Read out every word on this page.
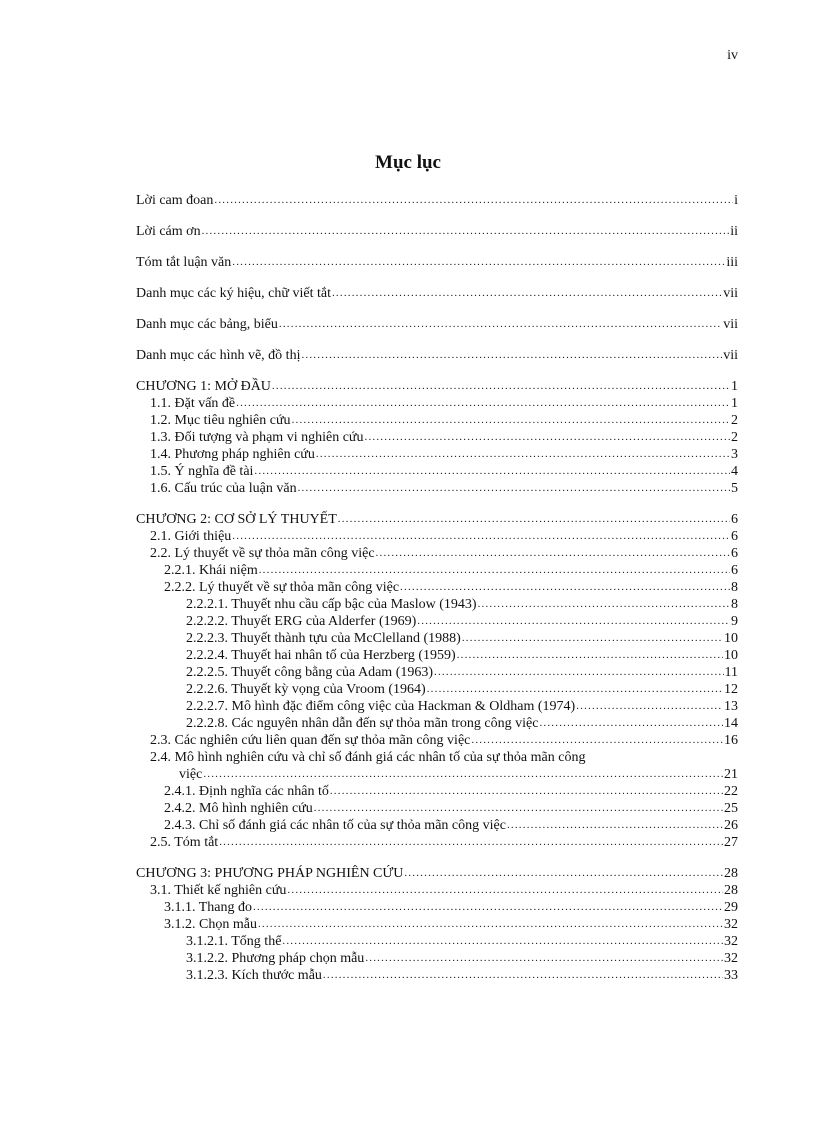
iv
Mục lục
Lời cam đoan .....	i
Lời cám ơn .....	ii
Tóm tắt luận văn .....	iii
Danh mục các ký hiệu, chữ viết tắt .....	vii
Danh mục các bảng, biểu .....	vii
Danh mục các hình vẽ, đồ thị .....	vii
CHƯƠNG 1: MỞ ĐẦU .....	1
1.1. Đặt vấn đề .....	1
1.2. Mục tiêu nghiên cứu .....	2
1.3. Đối tượng và phạm vi nghiên cứu .....	2
1.4. Phương pháp nghiên cứu .....	3
1.5. Ý nghĩa đề tài .....	4
1.6. Cấu trúc của luận văn .....	5
CHƯƠNG 2: CƠ SỞ LÝ THUYẾT .....	6
2.1. Giới thiệu .....	6
2.2. Lý thuyết về sự thỏa mãn công việc .....	6
2.2.1. Khái niệm .....	6
2.2.2. Lý thuyết về sự thỏa mãn công việc .....	8
2.2.2.1. Thuyết nhu cầu cấp bậc của Maslow (1943) .....	8
2.2.2.2. Thuyết ERG của Alderfer (1969) .....	9
2.2.2.3. Thuyết thành tựu của McClelland (1988) .....	10
2.2.2.4. Thuyết hai nhân tố của Herzberg (1959) .....	10
2.2.2.5. Thuyết công bằng của Adam (1963) .....	11
2.2.2.6. Thuyết kỳ vọng của Vroom (1964) .....	12
2.2.2.7. Mô hình đặc điểm công việc của Hackman & Oldham (1974) .....	13
2.2.2.8. Các nguyên nhân dẫn đến sự thỏa mãn trong công việc .....	14
2.3. Các nghiên cứu liên quan đến sự thỏa mãn công việc .....	16
2.4. Mô hình nghiên cứu và chỉ số đánh giá các nhân tố của sự thỏa mãn công
việc .....	21
2.4.1. Định nghĩa các nhân tố .....	22
2.4.2. Mô hình nghiên cứu .....	25
2.4.3. Chỉ số đánh giá các nhân tố của sự thỏa mãn công việc .....	26
2.5. Tóm tắt .....	27
CHƯƠNG 3: PHƯƠNG PHÁP NGHIÊN CỨU .....	28
3.1. Thiết kế nghiên cứu .....	28
3.1.1. Thang đo .....	29
3.1.2. Chọn mẫu .....	32
3.1.2.1. Tổng thể .....	32
3.1.2.2. Phương pháp chọn mẫu .....	32
3.1.2.3. Kích thước mẫu .....	33
